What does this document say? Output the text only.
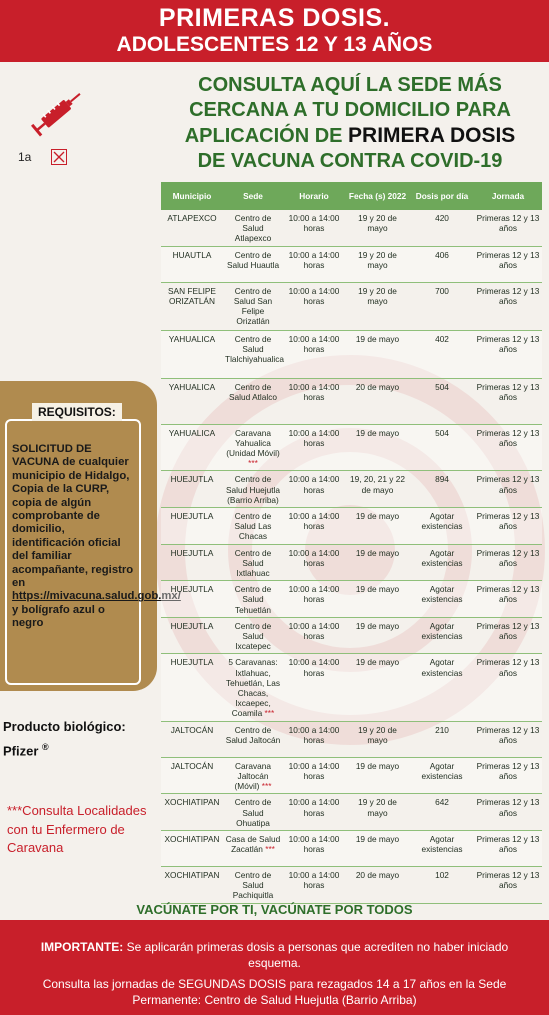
PRIMERAS DOSIS.
ADOLESCENTES 12 Y 13 AÑOS
1a
CONSULTA AQUÍ LA SEDE MÁS CERCANA A TU DOMICILIO PARA APLICACIÓN DE PRIMERA DOSIS
DE VACUNA CONTRA COVID-19
REQUISITOS:
SOLICITUD DE VACUNA de cualquier municipio de Hidalgo, Copia de la CURP, copia de algún comprobante de domicilio, identificación oficial del familiar acompañante, registro en https://mivacuna.salud.gob.mx/ y bolígrafo azul o negro
Producto biológico:
Pfizer ®
***Consulta Localidades con tu Enfermero de Caravana
Municipio	Sede	Horario	Fecha (s) 2022	Dosis por día	Jornada
ATLAPEXCO	Centro de Salud Atlapexco	10:00 a 14:00 horas	19 y 20 de mayo	420	Primeras 12 y 13 años
HUAUTLA	Centro de Salud Huautla	10:00 a 14:00 horas	19 y 20 de mayo	406	Primeras 12 y 13 años
SAN FELIPE ORIZATLÁN	Centro de Salud San Felipe Orizatlán	10:00 a 14:00 horas	19 y 20 de mayo	700	Primeras 12 y 13 años
YAHUALICA	Centro de Salud Tlalchiyahualica	10:00 a 14:00 horas	19 de mayo	402	Primeras 12 y 13 años
YAHUALICA	Centro de Salud Atlalco	10:00 a 14:00 horas	20 de mayo	504	Primeras 12 y 13 años
YAHUALICA	Caravana Yahualica (Unidad Móvil) ***	10:00 a 14:00 horas	19 de mayo	504	Primeras 12 y 13 años
HUEJUTLA	Centro de Salud Huejutla (Barrio Arriba)	10:00 a 14:00 horas	19, 20, 21 y 22 de mayo	894	Primeras 12 y 13 años
HUEJUTLA	Centro de Salud Las Chacas	10:00 a 14:00 horas	19 de mayo	Agotar existencias	Primeras 12 y 13 años
HUEJUTLA	Centro de Salud Ixtlahuac	10:00 a 14:00 horas	19 de mayo	Agotar existencias	Primeras 12 y 13 años
HUEJUTLA	Centro de Salud Tehuetlán	10:00 a 14:00 horas	19 de mayo	Agotar existencias	Primeras 12 y 13 años
HUEJUTLA	Centro de Salud Ixcatepec	10:00 a 14:00 horas	19 de mayo	Agotar existencias	Primeras 12 y 13 años
HUEJUTLA	5 Caravanas: Ixtlahuac, Tehuetlán, Las Chacas, Ixcaepec, Coamila ***	10:00 a 14:00 horas	19 de mayo	Agotar existencias	Primeras 12 y 13 años
JALTOCÁN	Centro de Salud Jaltocán	10:00 a 14:00 horas	19 y 20 de mayo	210	Primeras 12 y 13 años
JALTOCÁN	Caravana Jaltocán (Móvil) ***	10:00 a 14:00 horas	19 de mayo	Agotar existencias	Primeras 12 y 13 años
XOCHIATIPAN	Centro de Salud Ohuatipa	10:00 a 14:00 horas	19 y 20 de mayo	642	Primeras 12 y 13 años
XOCHIATIPAN	Casa de Salud Zacatlán ***	10:00 a 14:00 horas	19 de mayo	Agotar existencias	Primeras 12 y 13 años
XOCHIATIPAN	Centro de Salud Pachiquitla	10:00 a 14:00 horas	20 de mayo	102	Primeras 12 y 13 años
VACÚNATE POR TI, VACÚNATE POR TODOS
IMPORTANTE: Se aplicarán primeras dosis a personas que acrediten no haber iniciado esquema.
Consulta las jornadas de SEGUNDAS DOSIS para rezagados 14 a 17 años en la Sede Permanente: Centro de Salud Huejutla (Barrio Arriba)
